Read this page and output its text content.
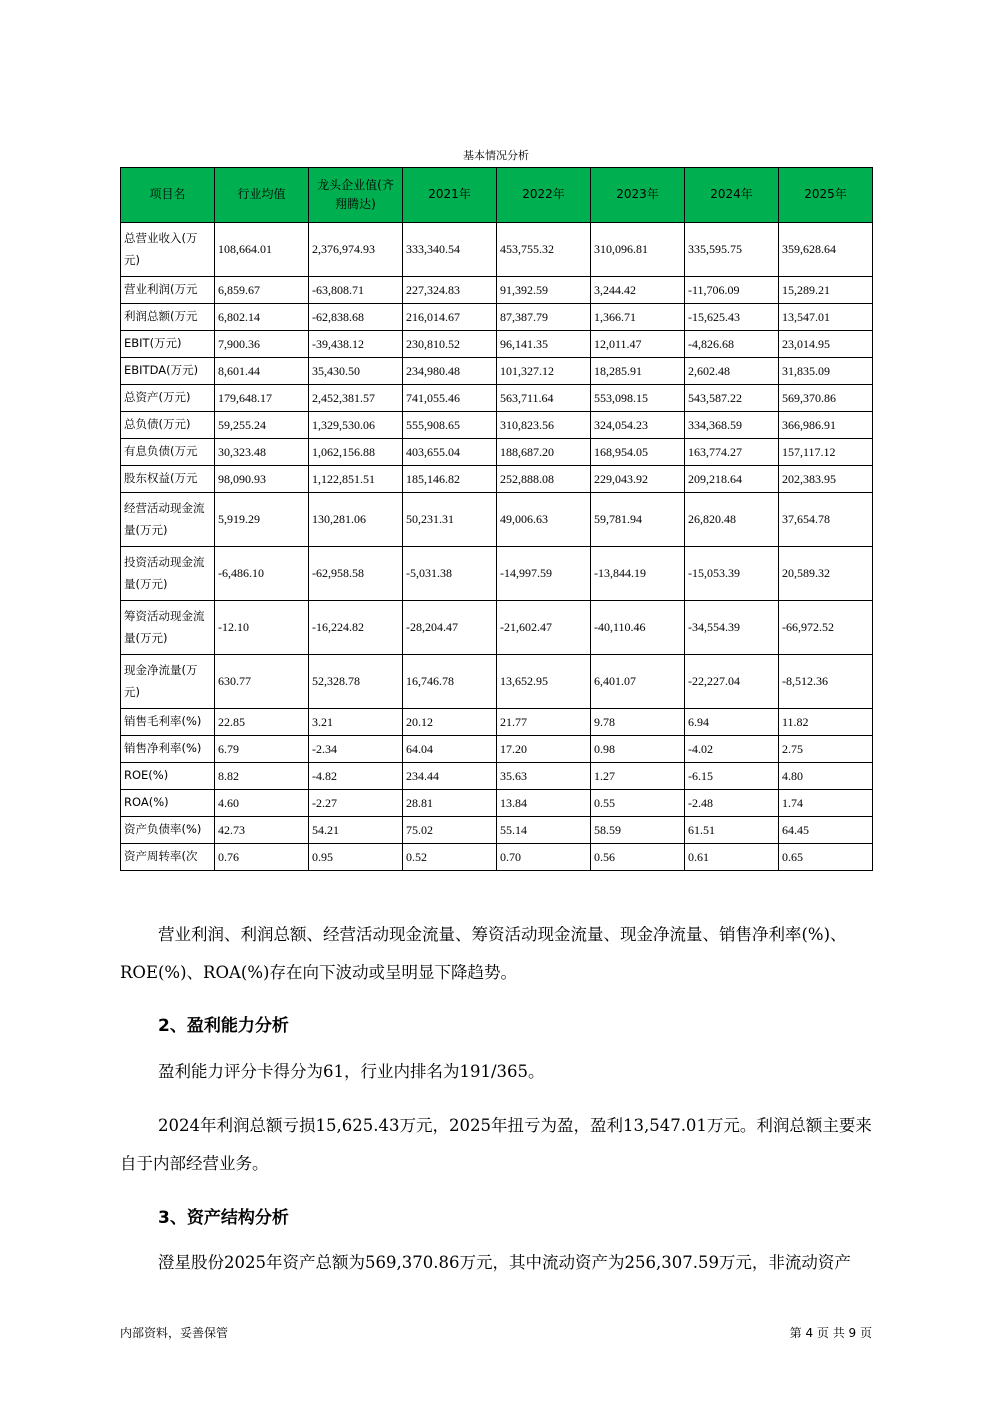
基本情况分析
项目名	行业均值	龙头企业值(齐翔腾达)	2021年	2022年	2023年	2024年	2025年
总营业收入(万元)	108,664.01	2,376,974.93	333,340.54	453,755.32	310,096.81	335,595.75	359,628.64
营业利润(万元	6,859.67	-63,808.71	227,324.83	91,392.59	3,244.42	-11,706.09	15,289.21
利润总额(万元	6,802.14	-62,838.68	216,014.67	87,387.79	1,366.71	-15,625.43	13,547.01
EBIT(万元)	7,900.36	-39,438.12	230,810.52	96,141.35	12,011.47	-4,826.68	23,014.95
EBITDA(万元)	8,601.44	35,430.50	234,980.48	101,327.12	18,285.91	2,602.48	31,835.09
总资产(万元)	179,648.17	2,452,381.57	741,055.46	563,711.64	553,098.15	543,587.22	569,370.86
总负债(万元)	59,255.24	1,329,530.06	555,908.65	310,823.56	324,054.23	334,368.59	366,986.91
有息负债(万元	30,323.48	1,062,156.88	403,655.04	188,687.20	168,954.05	163,774.27	157,117.12
股东权益(万元	98,090.93	1,122,851.51	185,146.82	252,888.08	229,043.92	209,218.64	202,383.95
经营活动现金流量(万元)	5,919.29	130,281.06	50,231.31	49,006.63	59,781.94	26,820.48	37,654.78
投资活动现金流量(万元)	-6,486.10	-62,958.58	-5,031.38	-14,997.59	-13,844.19	-15,053.39	20,589.32
筹资活动现金流量(万元)	-12.10	-16,224.82	-28,204.47	-21,602.47	-40,110.46	-34,554.39	-66,972.52
现金净流量(万元)	630.77	52,328.78	16,746.78	13,652.95	6,401.07	-22,227.04	-8,512.36
销售毛利率(%)	22.85	3.21	20.12	21.77	9.78	6.94	11.82
销售净利率(%)	6.79	-2.34	64.04	17.20	0.98	-4.02	2.75
ROE(%)	8.82	-4.82	234.44	35.63	1.27	-6.15	4.80
ROA(%)	4.60	-2.27	28.81	13.84	0.55	-2.48	1.74
资产负债率(%)	42.73	54.21	75.02	55.14	58.59	61.51	64.45
资产周转率(次	0.76	0.95	0.52	0.70	0.56	0.61	0.65
营业利润、利润总额、经营活动现金流量、筹资活动现金流量、现金净流量、销售净利率(%)、ROE(%)、ROA(%)存在向下波动或呈明显下降趋势。
2、盈利能力分析
盈利能力评分卡得分为61，行业内排名为191/365。
2024年利润总额亏损15,625.43万元，2025年扭亏为盈，盈利13,547.01万元。利润总额主要来自于内部经营业务。
3、资产结构分析
澄星股份2025年资产总额为569,370.86万元，其中流动资产为256,307.59万元，非流动资产
内部资料，妥善保管	第 4 页 共 9 页
